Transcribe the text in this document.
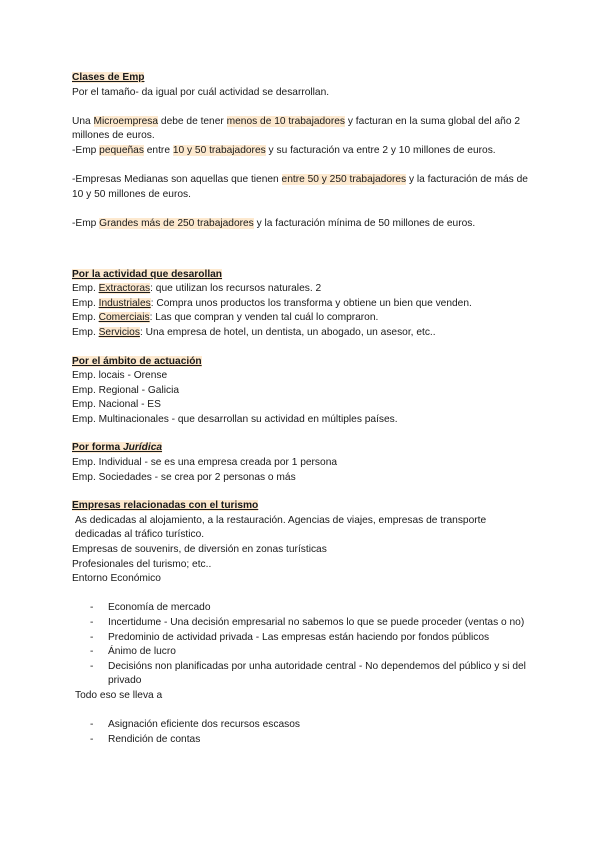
Clases de Emp

Por el tamaño- da igual por cuál actividad se desarrollan.

Una Microempresa debe de tener menos de 10 trabajadores y facturan en la suma global del año 2 millones de euros.

-Emp pequeñas entre 10 y 50 trabajadores y su facturación va entre 2 y 10 millones de euros.

-Empresas Medianas son aquellas que tienen entre 50 y 250 trabajadores y la facturación de más de 10 y 50 millones de euros.

-Emp Grandes más de 250 trabajadores y la facturación mínima de 50 millones de euros.

Por la actividad que desarollan

Emp. Extractoras: que utilizan los recursos naturales. 2

Emp. Industriales: Compra unos productos los transforma y obtiene un bien que venden.

Emp. Comerciais: Las que compran y venden tal cuál lo compraron.

Emp. Servicios: Una empresa de hotel, un dentista, un abogado, un asesor, etc..

Por el ámbito de actuación

Emp. locais - Orense

Emp. Regional - Galicia

Emp. Nacional - ES

Emp. Multinacionales - que desarrollan su actividad en múltiples países.

Por forma Jurídica

Emp. Individual - se es una empresa creada por 1 persona

Emp. Sociedades - se crea por 2 personas o más

Empresas relacionadas con el turismo

As dedicadas al alojamiento, a la restauración. Agencias de viajes, empresas de transporte dedicadas al tráfico turístico.

Empresas de souvenirs, de diversión en zonas turísticas

Profesionales del turismo; etc..

Entorno Económico

- Economía de mercado
- Incertidume - Una decisión empresarial no sabemos lo que se puede proceder (ventas o no)
- Predominio de actividad privada - Las empresas están haciendo por fondos públicos
- Ánimo de lucro
- Decisións non planificadas por unha autoridade central - No dependemos del público y si del privado

Todo eso se lleva a

- Asignación eficiente dos recursos escasos
- Rendición de contas
